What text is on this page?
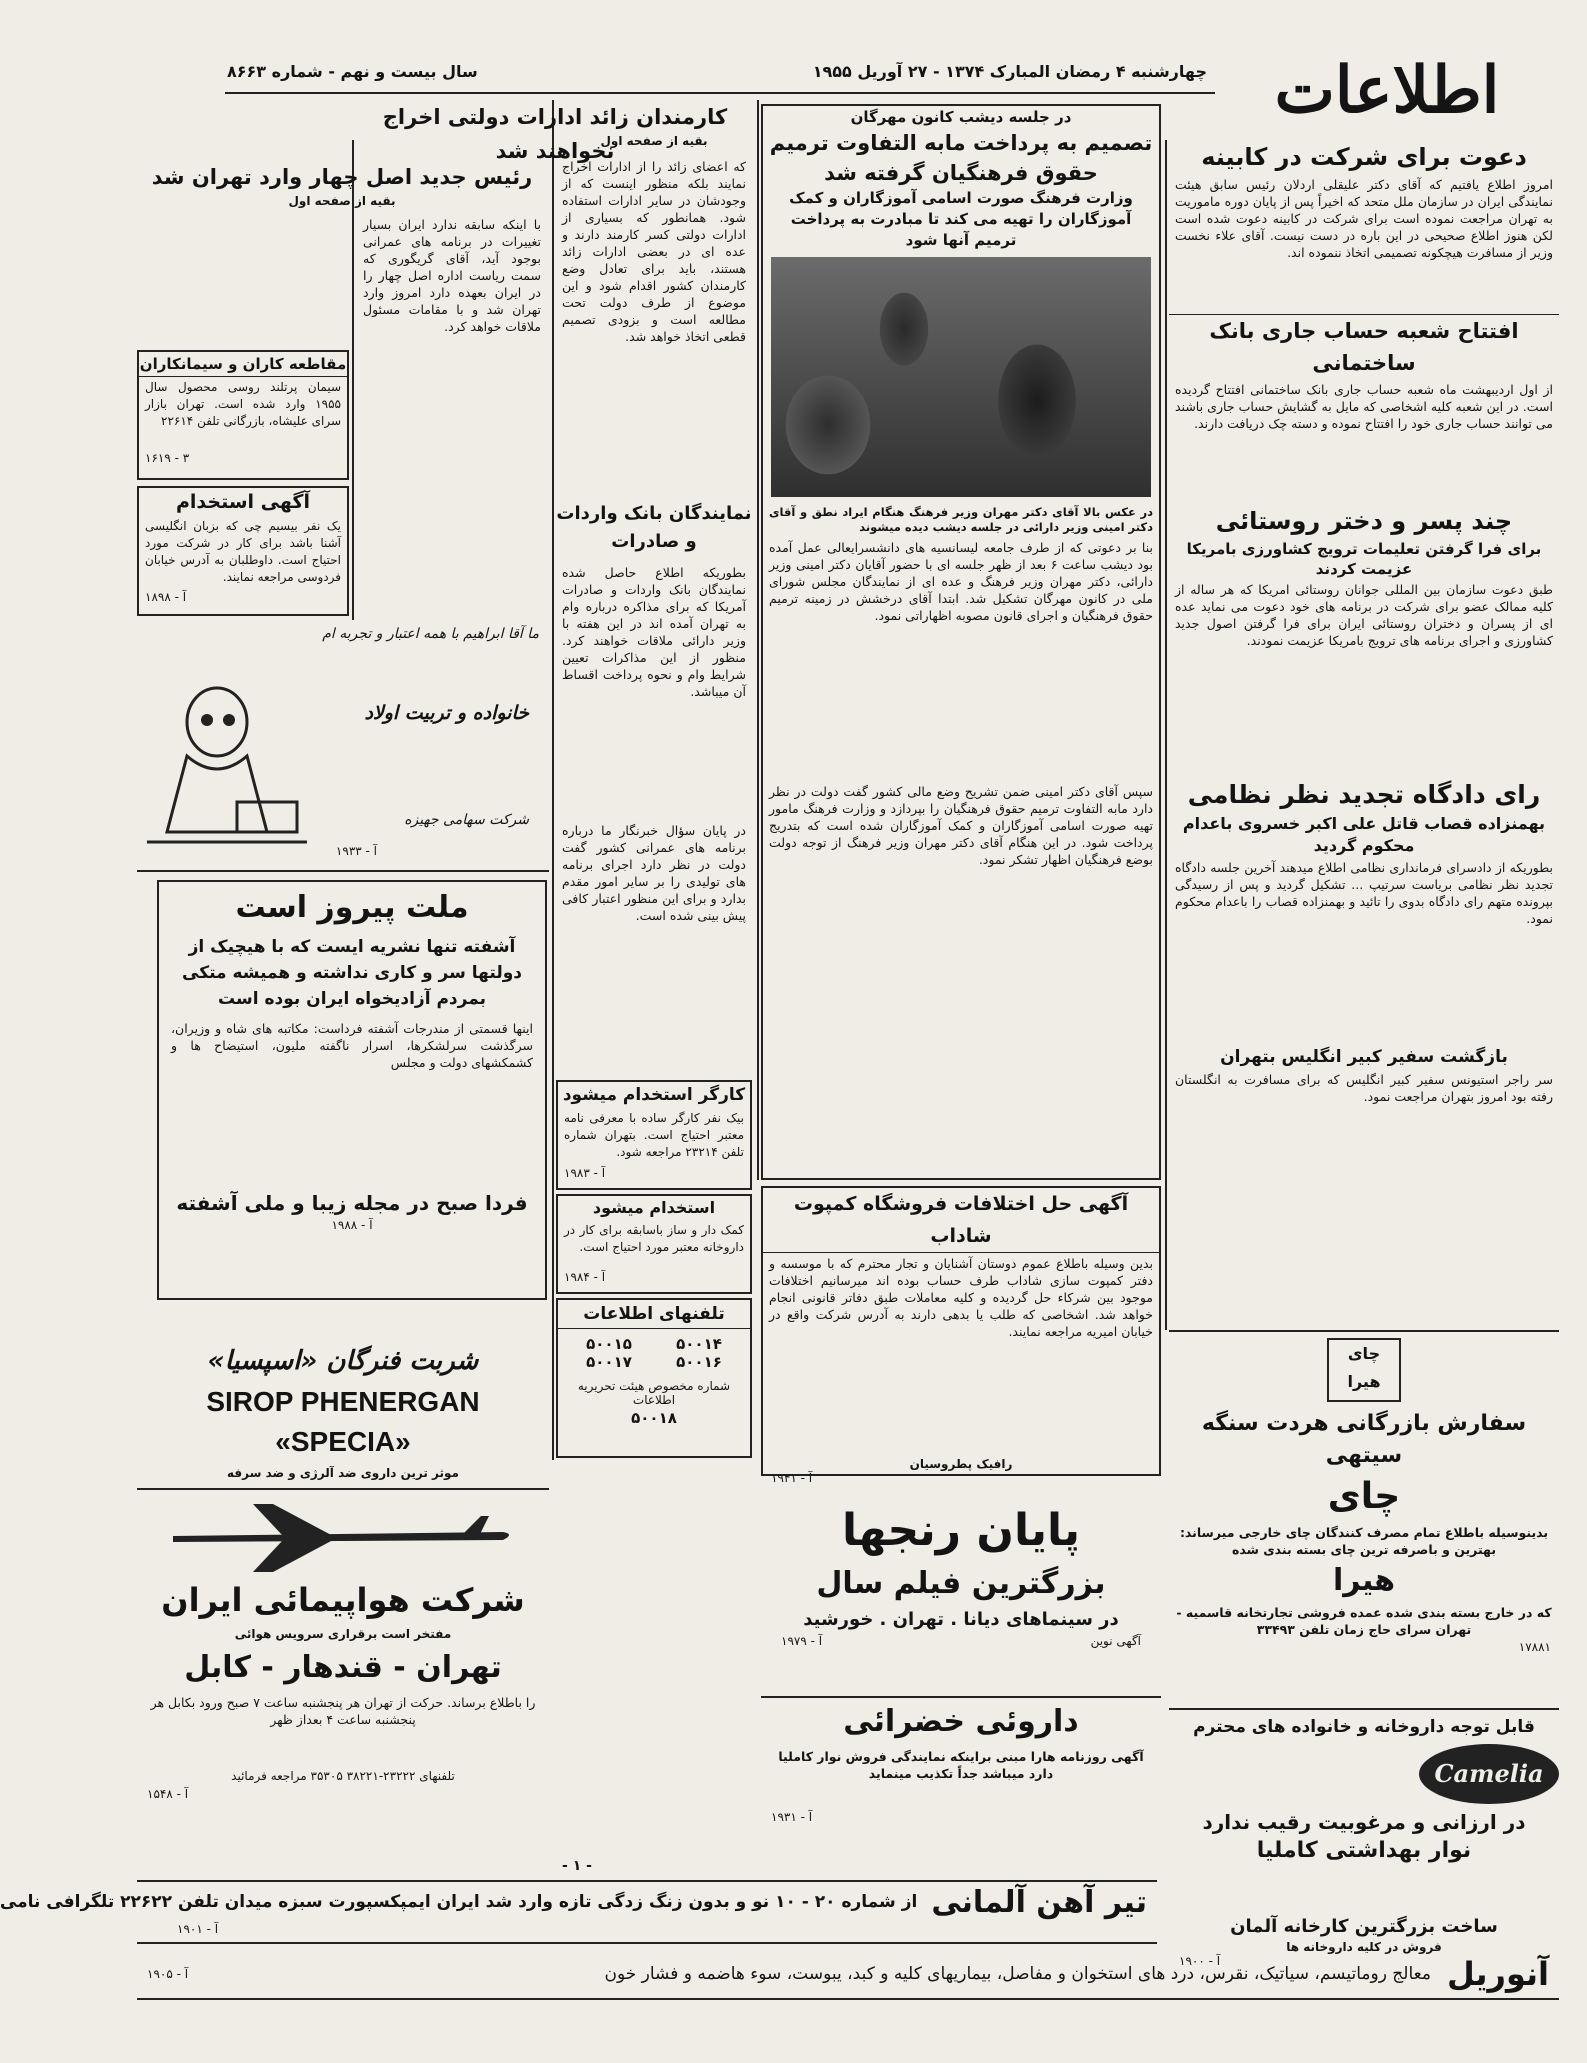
اطلاعات
چهارشنبه ۴ رمضان المبارک ۱۳۷۴ - ۲۷ آوریل ۱۹۵۵
سال بیست و نهم - شماره ۸۶۶۳
دعوت برای شرکت در کابینه
امروز اطلاع یافتیم که آقای دکتر علیقلی اردلان رئیس سابق هیئت نمایندگی ایران در سازمان ملل متحد که اخیراً پس از پایان دوره ماموریت به تهران مراجعت نموده است برای شرکت در کابینه دعوت شده است لکن هنوز اطلاع صحیحی در این باره در دست نیست. آقای علاء نخست وزیر از مسافرت هیچکونه تصمیمی اتخاذ ننموده اند.
افتتاح شعبه حساب جاری بانک ساختمانی
از اول اردیبهشت ماه شعبه حساب جاری بانک ساختمانی افتتاح گردیده است. در این شعبه کلیه اشخاصی که مایل به گشایش حساب جاری باشند می توانند حساب جاری خود را افتتاح نموده و دسته چک دریافت دارند.
چند پسر و دختر روستائی
برای فرا گرفتن تعلیمات ترویج کشاورزی بامریکا عزیمت کردند
طبق دعوت سازمان بین المللی جوانان روستائی امریکا که هر ساله از کلیه ممالک عضو برای شرکت در برنامه های خود دعوت می نماید عده ای از پسران و دختران روستائی ایران برای فرا گرفتن اصول جدید کشاورزی و اجرای برنامه های ترویج بامریکا عزیمت نمودند.
رای دادگاه تجدید نظر نظامی
بهمنزاده قصاب قاتل علی اکبر خسروی باعدام محکوم گردید
بطوریکه از دادسرای فرمانداری نظامی اطلاع میدهند آخرین جلسه دادگاه تجدید نظر نظامی بریاست سرتیپ ... تشکیل گردید و پس از رسیدگی بپرونده متهم رای دادگاه بدوی را تائید و بهمنزاده قصاب را باعدام محکوم نمود.
بازگشت سفیر کبیر انگلیس بتهران
سر راجر استیونس سفیر کبیر انگلیس که برای مسافرت به انگلستان رفته بود امروز بتهران مراجعت نمود.
در جلسه دیشب کانون مهرگان
تصمیم به پرداخت مابه التفاوت ترمیم حقوق فرهنگیان گرفته شد
وزارت فرهنگ صورت اسامی آموزگاران و کمک آموزگاران را تهیه می کند تا مبادرت به پرداخت ترمیم آنها شود
در عکس بالا آقای دکتر مهران وزیر فرهنگ هنگام ایراد نطق و آقای دکتر امینی وزیر دارائی در جلسه دیشب دیده میشوند
بنا بر دعوتی که از طرف جامعه لیسانسیه های دانشسرایعالی عمل آمده بود دیشب ساعت ۶ بعد از ظهر جلسه ای با حضور آقایان دکتر امینی وزیر دارائی، دکتر مهران وزیر فرهنگ و عده ای از نمایندگان مجلس شورای ملی در کانون مهرگان تشکیل شد. ابتدا آقای درخشش در زمینه ترمیم حقوق فرهنگیان و اجرای قانون مصوبه اظهاراتی نمود.
سپس آقای دکتر امینی ضمن تشریح وضع مالی کشور گفت دولت در نظر دارد مابه التفاوت ترمیم حقوق فرهنگیان را بپردازد و وزارت فرهنگ مامور تهیه صورت اسامی آموزگاران و کمک آموزگاران شده است که بتدریج پرداخت شود. در این هنگام آقای دکتر مهران وزیر فرهنگ از توجه دولت بوضع فرهنگیان اظهار تشکر نمود.
کارمندان زائد ادارات دولتی اخراج نخواهند شد
بقیه از صفحه اول
که اعضای زائد را از ادارات اخراج نمایند بلکه منظور اینست که از وجودشان در سایر ادارات استفاده شود. همانطور که بسیاری از ادارات دولتی کسر کارمند دارند و عده ای در بعضی ادارات زائد هستند، باید برای تعادل وضع کارمندان کشور اقدام شود و این موضوع از طرف دولت تحت مطالعه است و بزودی تصمیم قطعی اتخاذ خواهد شد.
نمایندگان بانک واردات و صادرات
بطوریکه اطلاع حاصل شده نمایندگان بانک واردات و صادرات آمریکا که برای مذاکره درباره وام به تهران آمده اند در این هفته با وزیر دارائی ملاقات خواهند کرد. منظور از این مذاکرات تعیین شرایط وام و نحوه پرداخت اقساط آن میباشد.
در پایان سؤال خبرنگار ما درباره برنامه های عمرانی کشور گفت دولت در نظر دارد اجرای برنامه های تولیدی را بر سایر امور مقدم بدارد و برای این منظور اعتبار کافی پیش بینی شده است.
کارگر استخدام میشود
بیک نفر کارگر ساده با معرفی نامه معتبر احتیاج است. بتهران شماره تلفن ۲۳۲۱۴ مراجعه شود.
آ - ۱۹۸۳
استخدام میشود
کمک دار و ساز باسابقه برای کار در داروخانه معتبر مورد احتیاج است.
آ - ۱۹۸۴
تلفنهای اطلاعات
۵۰۰۱۴
۵۰۰۱۵
۵۰۰۱۶
۵۰۰۱۷
شماره مخصوص هیئت تحریریه اطلاعات
۵۰۰۱۸
رئیس جدید اصل چهار وارد تهران شد
بقیه از صفحه اول
با اینکه سابقه ندارد ایران بسیار تغییرات در برنامه های عمرانی بوجود آید، آقای گریگوری که سمت ریاست اداره اصل چهار را در ایران بعهده دارد امروز وارد تهران شد و با مقامات مسئول ملاقات خواهد کرد.
مقاطعه کاران و سیمانکاران
سیمان پرتلند روسی محصول سال ۱۹۵۵ وارد شده است. تهران بازار سرای علیشاه، بازرگانی تلفن ۲۲۶۱۴
۳ - ۱۶۱۹
آگهی استخدام
یک نفر بیسیم چی که بزبان انگلیسی آشنا باشد برای کار در شرکت مورد احتیاج است. داوطلبان به آدرس خیابان فردوسی مراجعه نمایند.
آ - ۱۸۹۸
ما آقا ابراهیم با همه اعتبار و تجربه ام
خانواده و تربیت اولاد
شرکت سهامی جهیزه
آ - ۱۹۳۳
ملت پیروز است
آشفته تنها نشریه ایست که با هیچیک از دولتها سر و کاری نداشته و همیشه متکی بمردم آزادیخواه ایران بوده است
اینها قسمتی از مندرجات آشفته فرداست: مکاتبه های شاه و وزیران، سرگذشت سرلشکرها، اسرار ناگفته ملیون، استیضاح ها و کشمکشهای دولت و مجلس
فردا صبح در مجله زیبا و ملی آشفته
آ - ۱۹۸۸
شربت فنرگان «اسپسیا»
SIROP PHENERGAN «SPECIA»
موثر ترین داروی ضد آلرژی و ضد سرفه
شرکت هواپیمائی ایران
مفتخر است برقراری سرویس هوائی
تهران - قندهار - کابل
را باطلاع برساند. حرکت از تهران هر پنجشنبه ساعت ۷ صبح ورود بکابل هر پنجشنبه ساعت ۴ بعداز ظهر
تلفنهای ۲۳۲۲۲-۳۸۲۲۱ ۳۵۳۰۵ مراجعه فرمائید
آ - ۱۵۴۸
آگهی حل اختلافات فروشگاه کمپوت شاداب
بدین وسیله باطلاع عموم دوستان آشنایان و تجار محترم که با موسسه و دفتر کمپوت سازی شاداب طرف حساب بوده اند میرسانیم اختلافات موجود بین شرکاء حل گردیده و کلیه معاملات طبق دفاتر قانونی انجام خواهد شد. اشخاصی که طلب یا بدهی دارند به آدرس شرکت واقع در خیابان امیریه مراجعه نمایند.
رافیک پطروسیان
آ - ۱۹۴۱
پایان رنجها
بزرگترین فیلم سال
در سینماهای دیانا . تهران . خورشید
آگهی نوین
آ - ۱۹۷۹
چای هیرا
سفارش بازرگانی هردت سنگه سیتهی
چای
بدینوسیله باطلاع تمام مصرف کنندگان چای خارجی میرساند: بهترین و باصرفه ترین چای بسته بندی شده
هیرا
که در خارج بسته بندی شده عمده فروشی تجارتخانه قاسمیه - تهران سرای حاج زمان تلفن ۳۳۴۹۳
۱۷۸۸۱
قابل توجه داروخانه و خانواده های محترم
Camelia
در ارزانی و مرغوبیت رقیب ندارد
نوار بهداشتی کاملیا
ساخت بزرگترین کارخانه آلمان
فروش در کلیه داروخانه ها
آ - ۱۹۰۰
داروئی خضرائی
آگهی روزنامه هارا مبنی براینکه نمایندگی فروش نوار کاملیا دارد میباشد جداً تکذیب مینماید
آ - ۱۹۳۱
تیر آهن آلمانی
از شماره ۲۰ - ۱۰ نو و بدون زنگ زدگی تازه وارد شد ایران ایمپکسپورت سبزه میدان تلفن ۲۲۶۲۲ تلگرافی نامی
آ - ۱۹۰۱
آنوریل
معالج روماتیسم، سیاتیک، نقرس، درد های استخوان و مفاصل، بیماریهای کلیه و کبد، یبوست، سوء هاضمه و فشار خون
آ - ۱۹۰۵
- ۱ -
